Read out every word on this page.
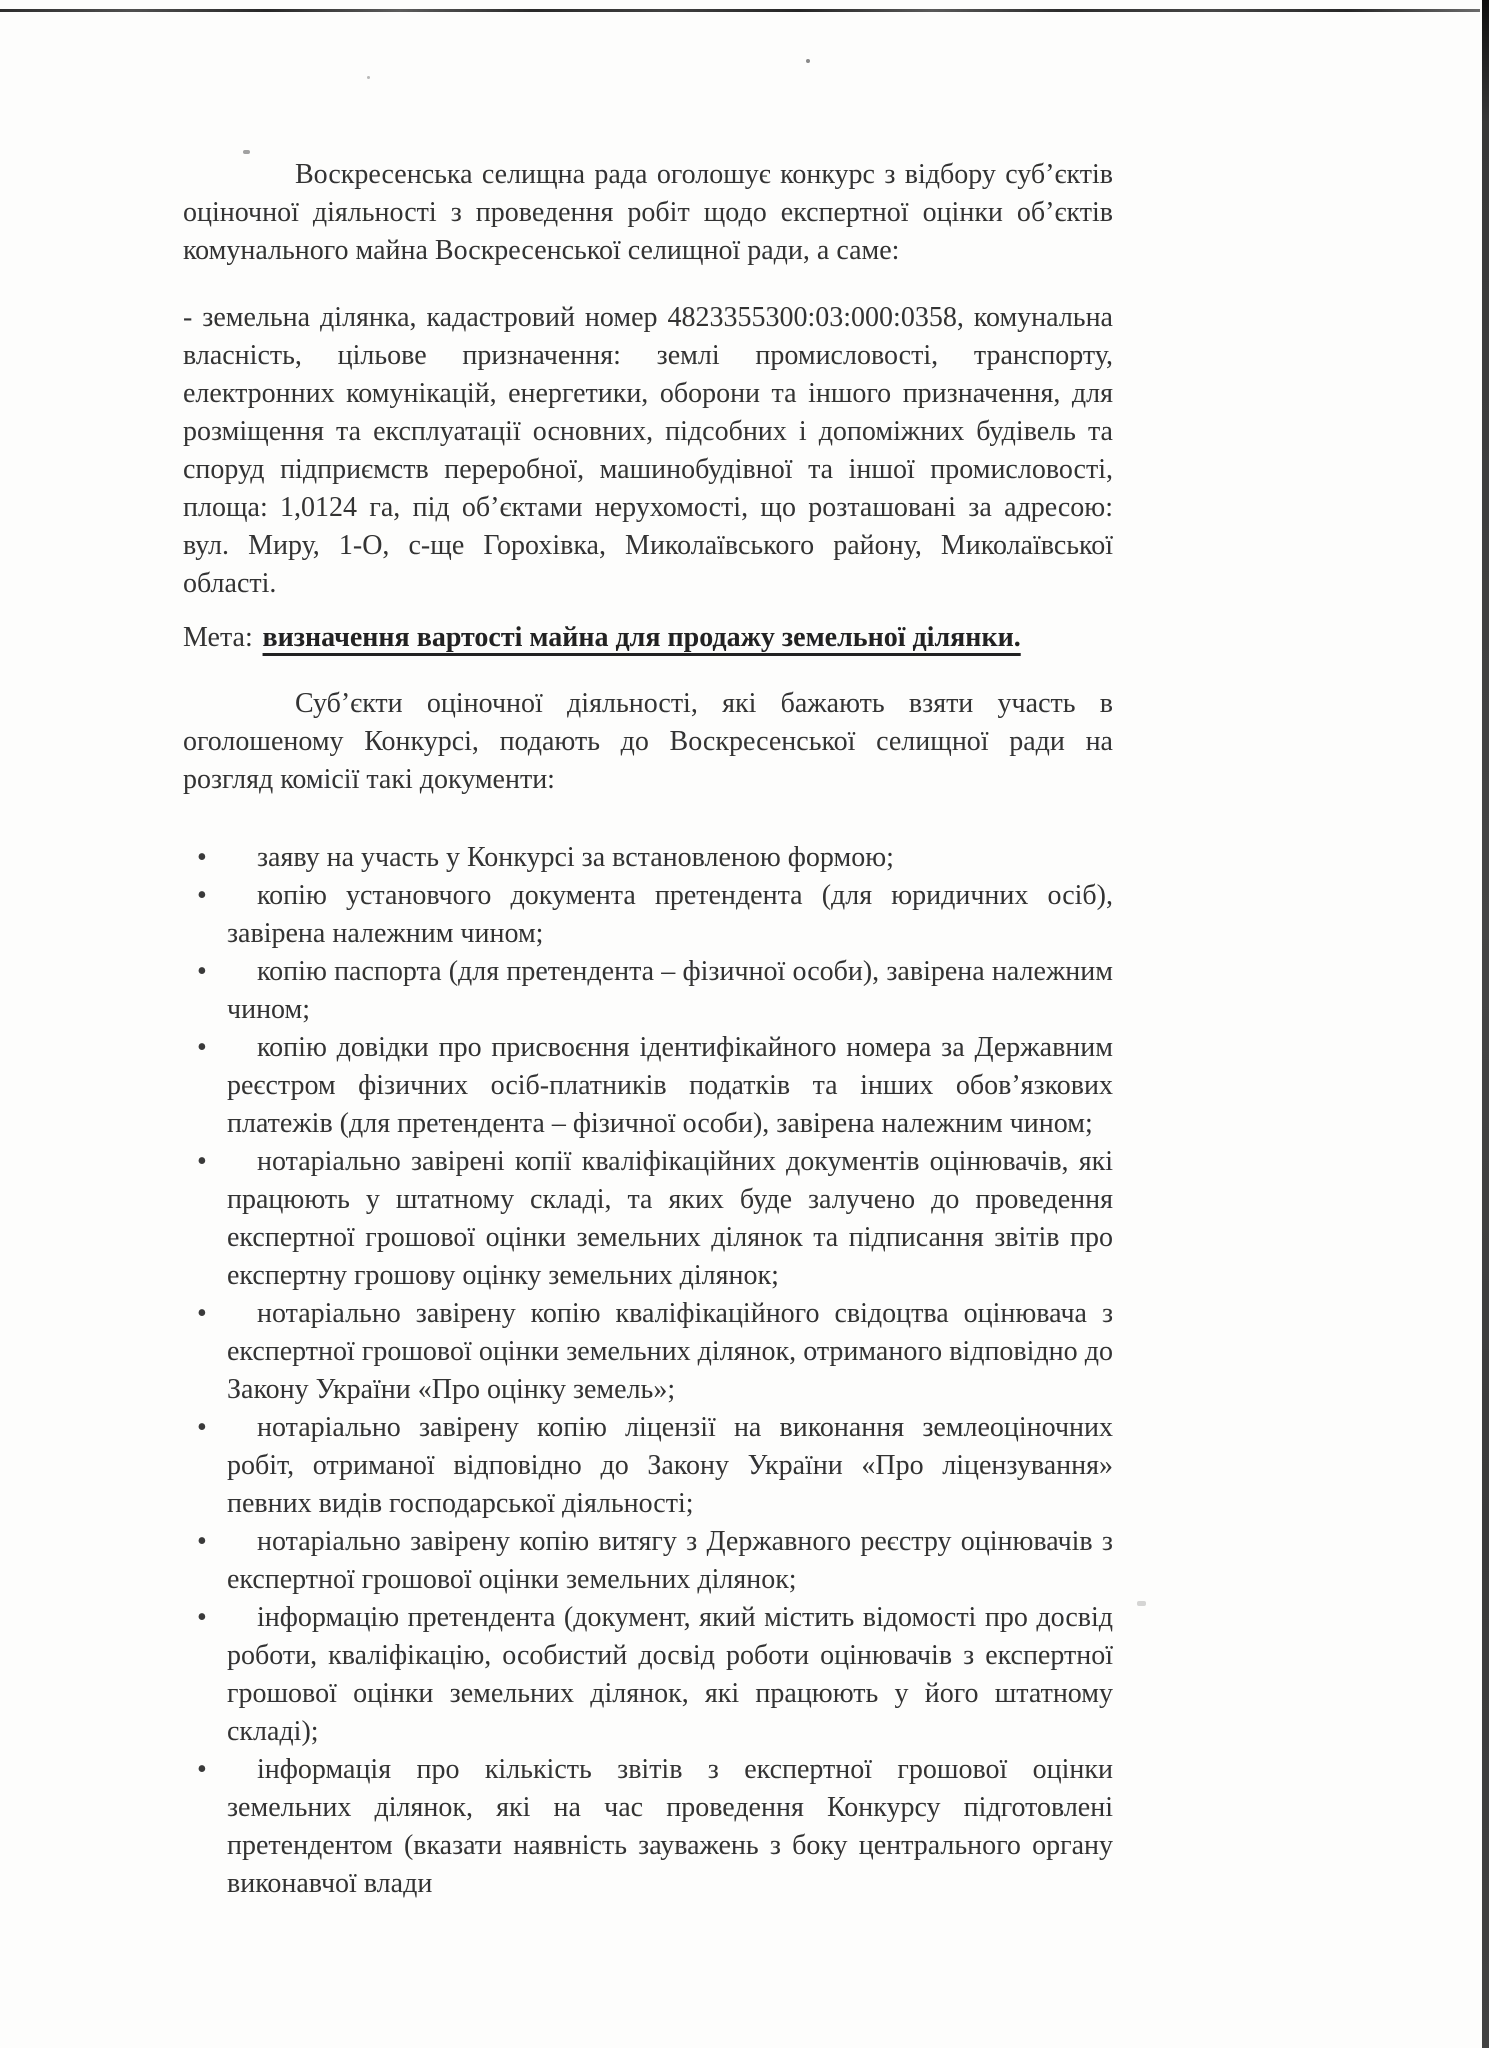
Воскресенська селищна рада оголошує конкурс з відбору суб’єктів оціночної діяльності з проведення робіт щодо експертної оцінки об’єктів комунального майна Воскресенської селищної ради, а саме:

- земельна ділянка, кадастровий номер 4823355300:03:000:0358, комунальна власність, цільове призначення: землі промисловості, транспорту, електронних комунікацій, енергетики, оборони та іншого призначення, для розміщення та експлуатації основних, підсобних і допоміжних будівель та споруд підприємств переробної, машинобудівної та іншої промисловості, площа: 1,0124 га, під об’єктами нерухомості, що розташовані за адресою: вул. Миру, 1-О, с-ще Горохівка, Миколаївського району, Миколаївської області.

Мета: визначення вартості майна для продажу земельної ділянки.

Суб’єкти оціночної діяльності, які бажають взяти участь в оголошеному Конкурсі, подають до Воскресенської селищної ради на розгляд комісії такі документи:

• заяву на участь у Конкурсі за встановленою формою;
• копію установчого документа претендента (для юридичних осіб), завірена належним чином;
• копію паспорта (для претендента – фізичної особи), завірена належним чином;
• копію довідки про присвоєння ідентифікайного номера за Державним реєстром фізичних осіб-платників податків та інших обов’язкових платежів (для претендента – фізичної особи), завірена належним чином;
• нотаріально завірені копії кваліфікаційних документів оцінювачів, які працюють у штатному складі, та яких буде залучено до проведення експертної грошової оцінки земельних ділянок та підписання звітів про експертну грошову оцінку земельних ділянок;
• нотаріально завірену копію кваліфікаційного свідоцтва оцінювача з експертної грошової оцінки земельних ділянок, отриманого відповідно до Закону України «Про оцінку земель»;
• нотаріально завірену копію ліцензії на виконання землеоціночних робіт, отриманої відповідно до Закону України «Про ліцензування» певних видів господарської діяльності;
• нотаріально завірену копію витягу з Державного реєстру оцінювачів з експертної грошової оцінки земельних ділянок;
• інформацію претендента (документ, який містить відомості про досвід роботи, кваліфікацію, особистий досвід роботи оцінювачів з експертної грошової оцінки земельних ділянок, які працюють у його штатному складі);
• інформація про кількість звітів з експертної грошової оцінки земельних ділянок, які на час проведення Конкурсу підготовлені претендентом (вказати наявність зауважень з боку центрального органу виконавчої влади
